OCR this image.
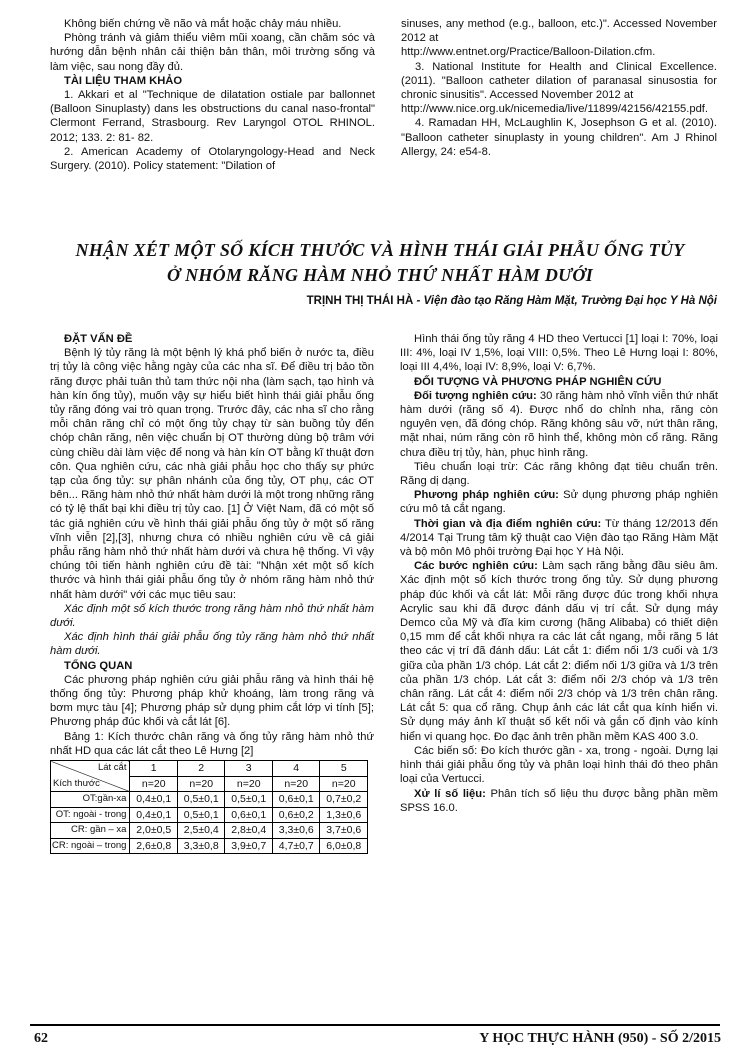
Không biến chứng về não và mắt hoặc chảy máu nhiều.

Phòng tránh và giảm thiểu viêm mũi xoang, cần chăm sóc và hướng dẫn bệnh nhân cải thiện bản thân, môi trường sống và làm việc, sau nong đầy đủ.

TÀI LIỆU THAM KHẢO

1. Akkari et al "Technique de dilatation ostiale par ballonnet (Balloon Sinuplasty) dans les obstructions du canal naso-frontal" Clermont Ferrand, Strasbourg. Rev Laryngol OTOL RHINOL. 2012; 133. 2: 81- 82.

2. American Academy of Otolaryngology-Head and Neck Surgery. (2010). Policy statement: "Dilation of

sinuses, any method (e.g., balloon, etc.)". Accessed November 2012 at

http://www.entnet.org/Practice/Balloon-Dilation.cfm.

3. National Institute for Health and Clinical Excellence. (2011). "Balloon catheter dilation of paranasal sinusostia for chronic sinusitis". Accessed November 2012 at

http://www.nice.org.uk/nicemedia/live/11899/42156/42155.pdf.

4. Ramadan HH, McLaughlin K, Josephson G et al. (2010). "Balloon catheter sinuplasty in young children". Am J Rhinol Allergy, 24: e54-8.

NHẬN XÉT MỘT SỐ KÍCH THƯỚC VÀ HÌNH THÁI GIẢI PHẪU ỐNG TỦY
Ở NHÓM RĂNG HÀM NHỎ THỨ NHẤT HÀM DƯỚI

TRỊNH THỊ THÁI HÀ - Viện đào tạo Răng Hàm Mặt, Trường Đại học Y Hà Nội

ĐẶT VẤN ĐỀ

Bệnh lý tủy răng là một bệnh lý khá phổ biến ở nước ta, điều trị tủy là công việc hằng ngày của các nha sĩ. Để điều trị bảo tồn răng được phải tuân thủ tam thức nội nha (làm sạch, tạo hình và hàn kín ống tủy), muốn vậy sự hiểu biết hình thái giải phẫu ống tủy răng đóng vai trò quan trọng. Trước đây, các nha sĩ cho rằng mỗi chân răng chỉ có một ống tủy chạy từ sàn buồng tủy đến chóp chân răng, nên việc chuẩn bị OT thường dùng bộ trâm với cùng chiều dài làm việc để nong và hàn kín OT bằng kĩ thuật đơn côn. Qua nghiên cứu, các nhà giải phẫu học cho thấy sự phức tạp của ống tủy: sự phân nhánh của ống tủy, OT phụ, các OT bên... Răng hàm nhỏ thứ nhất hàm dưới là một trong những răng có tỷ lệ thất bại khi điều trị tủy cao. [1] Ở Việt Nam, đã có một số tác giả nghiên cứu về hình thái giải phẫu ống tủy ở một số răng vĩnh viễn [2],[3], nhưng chưa có nhiều nghiên cứu về cả giải phẫu răng hàm nhỏ thứ nhất hàm dưới và chưa hệ thống. Vì vậy chúng tôi tiến hành nghiên cứu đề tài: "Nhận xét một số kích thước và hình thái giải phẫu ống tủy ở nhóm răng hàm nhỏ thứ nhất hàm dưới" với các mục tiêu sau:

Xác định một số kích thước trong răng hàm nhỏ thứ nhất hàm dưới.

Xác định hình thái giải phẫu ống tủy răng hàm nhỏ thứ nhất hàm dưới.

TỔNG QUAN

Các phương pháp nghiên cứu giải phẫu răng và hình thái hệ thống ống tủy: Phương pháp khử khoáng, làm trong răng và bơm mực tàu [4]; Phương pháp sử dụng phim cắt lớp vi tính [5]; Phương pháp đúc khối và cắt lát [6].

Bảng 1: Kích thước chân răng và ống tủy răng hàm nhỏ thứ nhất HD qua các lát cắt theo Lê Hưng [2]

Lát cắt
Kích thước	1	2	3	4	5
	n=20	n=20	n=20	n=20	n=20
OT:gần-xa	0,4±0,1	0,5±0,1	0,5±0,1	0,6±0,1	0,7±0,2
OT: ngoài - trong	0,4±0,1	0,5±0,1	0,6±0,1	0,6±0,2	1,3±0,6
CR: gần – xa	2,0±0,5	2,5±0,4	2,8±0,4	3,3±0,6	3,7±0,6
CR: ngoài – trong	2,6±0,8	3,3±0,8	3,9±0,7	4,7±0,7	6,0±0,8

Hình thái ống tủy răng 4 HD theo Vertucci [1] loại I: 70%, loại III: 4%, loại IV 1,5%, loại VIII: 0,5%. Theo Lê Hưng loại I: 80%, loại III 4,4%, loại IV: 8,9%, loại V: 6,7%.

ĐỐI TƯỢNG VÀ PHƯƠNG PHÁP NGHIÊN CỨU

Đối tượng nghiên cứu: 30 răng hàm nhỏ vĩnh viễn thứ nhất hàm dưới (răng số 4). Được nhổ do chỉnh nha, răng còn nguyên vẹn, đã đóng chóp. Răng không sâu vỡ, nứt thân răng, mặt nhai, núm răng còn rõ hình thể, không mòn cổ răng. Răng chưa điều trị tủy, hàn, phục hình răng.

Tiêu chuẩn loại trừ: Các răng không đạt tiêu chuẩn trên. Răng dị dạng.

Phương pháp nghiên cứu: Sử dụng phương pháp nghiên cứu mô tả cắt ngang.

Thời gian và địa điểm nghiên cứu: Từ tháng 12/2013 đến 4/2014 Tại Trung tâm kỹ thuật cao Viện đào tạo Răng Hàm Mặt và bộ môn Mô phôi trường Đại học Y Hà Nội.

Các bước nghiên cứu: Làm sạch răng bằng đầu siêu âm. Xác định một số kích thước trong ống tủy. Sử dụng phương pháp đúc khối và cắt lát: Mỗi răng được đúc trong khối nhựa Acrylic sau khi đã được đánh dấu vị trí cắt. Sử dụng máy Demco của Mỹ và đĩa kim cương (hãng Alibaba) có thiết diện 0,15 mm để cắt khối nhựa ra các lát cắt ngang, mỗi răng 5 lát theo các vị trí đã đánh dấu: Lát cắt 1: điểm nối 1/3 cuối và 1/3 giữa của phần 1/3 chóp. Lát cắt 2: điểm nối 1/3 giữa và 1/3 trên của phần 1/3 chóp. Lát cắt 3: điểm nối 2/3 chóp và 1/3 trên chân răng. Lát cắt 4: điểm nối 2/3 chóp và 1/3 trên chân răng. Lát cắt 5: qua cổ răng. Chụp ảnh các lát cắt qua kính hiển vi. Sử dụng máy ảnh kĩ thuật số kết nối và gắn cố định vào kính hiển vi quang học. Đo đạc ảnh trên phần mềm KAS 400 3.0.

Các biến số: Đo kích thước gần - xa, trong - ngoài. Dựng lại hình thái giải phẫu ống tủy và phân loại hình thái đó theo phân loại của Vertucci.

Xử lí số liệu: Phân tích số liệu thu được bằng phần mềm SPSS 16.0.

62	Y HỌC THỰC HÀNH (950) - SỐ 2/2015
